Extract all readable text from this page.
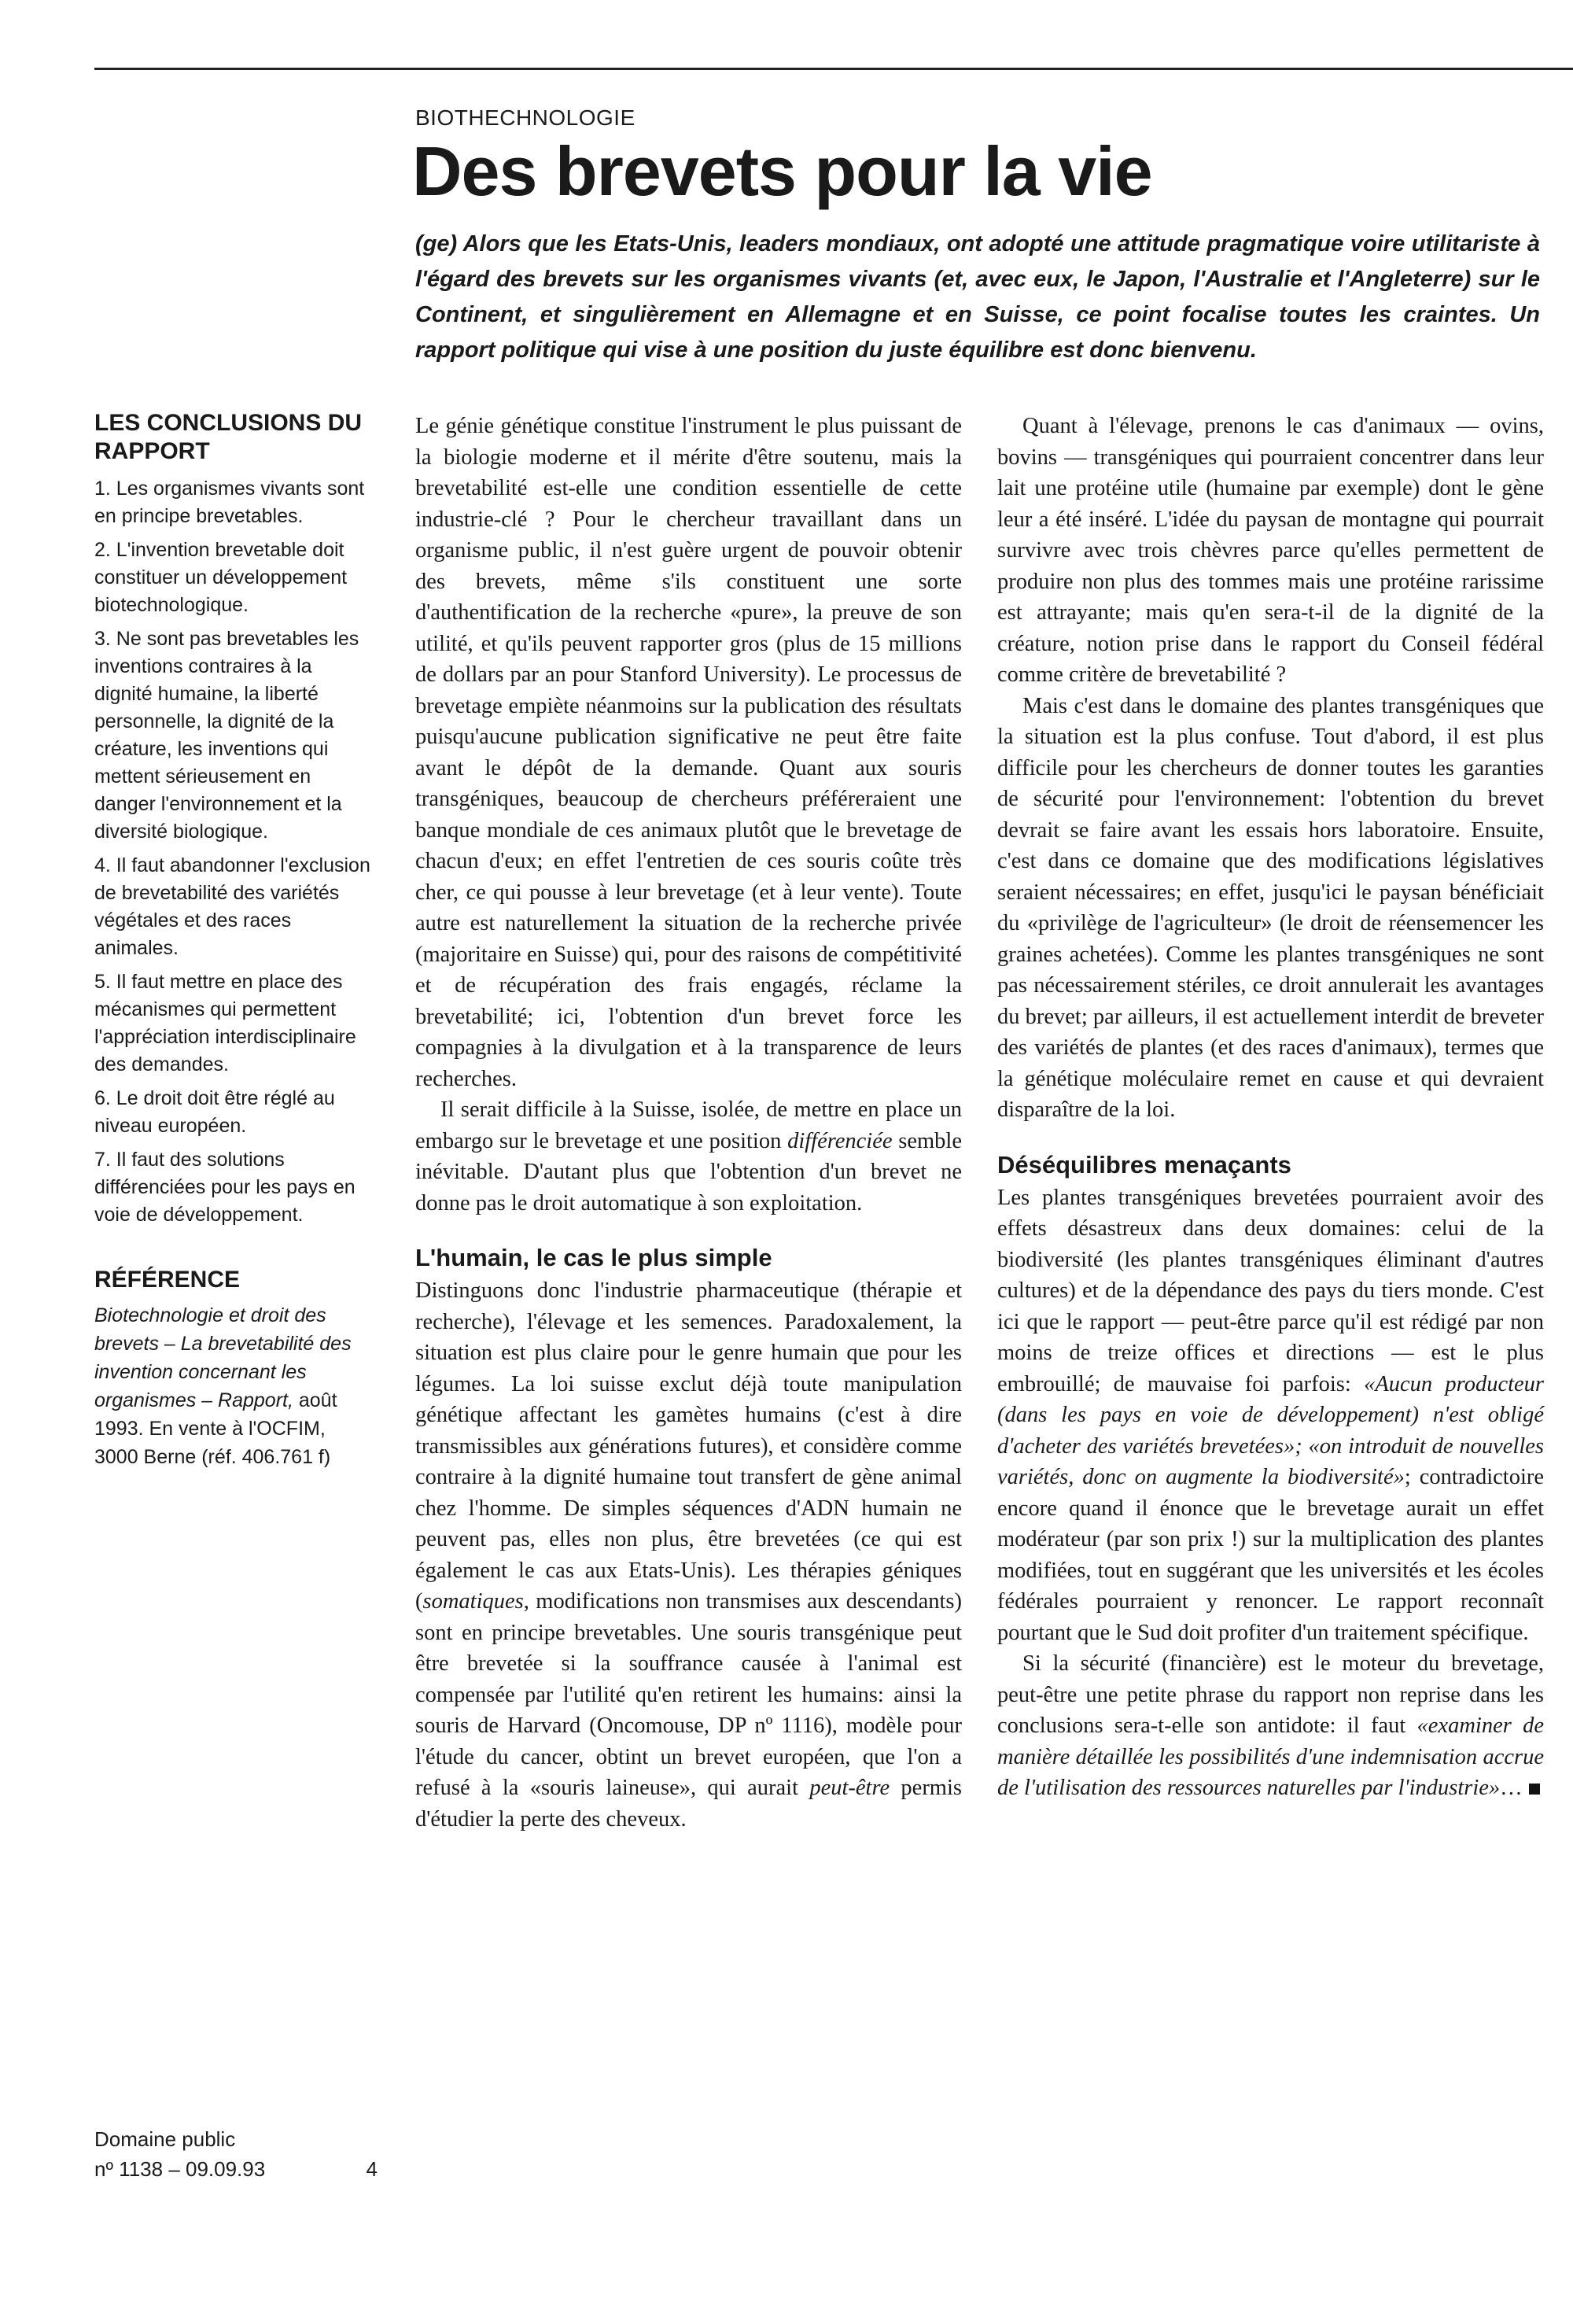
BIOTHECHNOLOGIE
Des brevets pour la vie

(ge) Alors que les Etats-Unis, leaders mondiaux, ont adopté une attitude pragmatique voire utilitariste à l'égard des brevets sur les organismes vivants (et, avec eux, le Japon, l'Australie et l'Angleterre) sur le Continent, et singulièrement en Allemagne et en Suisse, ce point focalise toutes les craintes. Un rapport politique qui vise à une position du juste équilibre est donc bienvenu.

LES CONCLUSIONS DU RAPPORT
1. Les organismes vivants sont en principe brevetables.
2. L'invention brevetable doit constituer un développement biotechnologique.
3. Ne sont pas brevetables les inventions contraires à la dignité humaine, la liberté personnelle, la dignité de la créature, les inventions qui mettent sérieusement en danger l'environnement et la diversité biologique.
4. Il faut abandonner l'exclusion de brevetabilité des variétés végétales et des races animales.
5. Il faut mettre en place des mécanismes qui permettent l'appréciation interdisciplinaire des demandes.
6. Le droit doit être réglé au niveau européen.
7. Il faut des solutions différenciées pour les pays en voie de développement.
RÉFÉRENCE

Biotechnologie et droit des brevets – La brevetabilité des invention concernant les organismes – Rapport, août 1993. En vente à l'OCFIM, 3000 Berne (réf. 406.761 f)

Domaine public
nº 1138 – 09.09.93	4

Le génie génétique constitue l'instrument le plus puissant de la biologie moderne et il mérite d'être soutenu, mais la brevetabilité est-elle une condition essentielle de cette industrie-clé ? Pour le chercheur travaillant dans un organisme public, il n'est guère urgent de pouvoir obtenir des brevets, même s'ils constituent une sorte d'authentification de la recherche «pure», la preuve de son utilité, et qu'ils peuvent rapporter gros (plus de 15 millions de dollars par an pour Stanford University). Le processus de brevetage empiète néanmoins sur la publication des résultats puisqu'aucune publication significative ne peut être faite avant le dépôt de la demande. Quant aux souris transgéniques, beaucoup de chercheurs préféreraient une banque mondiale de ces animaux plutôt que le brevetage de chacun d'eux; en effet l'entretien de ces souris coûte très cher, ce qui pousse à leur brevetage (et à leur vente). Toute autre est naturellement la situation de la recherche privée (majoritaire en Suisse) qui, pour des raisons de compétitivité et de récupération des frais engagés, réclame la brevetabilité; ici, l'obtention d'un brevet force les compagnies à la divulgation et à la transparence de leurs recherches.

Il serait difficile à la Suisse, isolée, de mettre en place un embargo sur le brevetage et une position différenciée semble inévitable. D'autant plus que l'obtention d'un brevet ne donne pas le droit automatique à son exploitation.

L'humain, le cas le plus simple

Distinguons donc l'industrie pharmaceutique (thérapie et recherche), l'élevage et les semences. Paradoxalement, la situation est plus claire pour le genre humain que pour les légumes. La loi suisse exclut déjà toute manipulation génétique affectant les gamètes humains (c'est à dire transmissibles aux générations futures), et considère comme contraire à la dignité humaine tout transfert de gène animal chez l'homme. De simples séquences d'ADN humain ne peuvent pas, elles non plus, être brevetées (ce qui est également le cas aux Etats-Unis). Les thérapies géniques (somatiques, modifications non transmises aux descendants) sont en principe brevetables. Une souris transgénique peut être brevetée si la souffrance causée à l'animal est compensée par l'utilité qu'en retirent les humains: ainsi la souris de Harvard (Oncomouse, DP nº 1116), modèle pour l'étude du cancer, obtint un brevet européen, que l'on a refusé à la «souris laineuse», qui aurait peut-être permis d'étudier la perte des cheveux.

Quant à l'élevage, prenons le cas d'animaux — ovins, bovins — transgéniques qui pourraient concentrer dans leur lait une protéine utile (humaine par exemple) dont le gène leur a été inséré. L'idée du paysan de montagne qui pourrait survivre avec trois chèvres parce qu'elles permettent de produire non plus des tommes mais une protéine rarissime est attrayante; mais qu'en sera-t-il de la dignité de la créature, notion prise dans le rapport du Conseil fédéral comme critère de brevetabilité ?

Mais c'est dans le domaine des plantes transgéniques que la situation est la plus confuse. Tout d'abord, il est plus difficile pour les chercheurs de donner toutes les garanties de sécurité pour l'environnement: l'obtention du brevet devrait se faire avant les essais hors laboratoire. Ensuite, c'est dans ce domaine que des modifications législatives seraient nécessaires; en effet, jusqu'ici le paysan bénéficiait du «privilège de l'agriculteur» (le droit de réensemencer les graines achetées). Comme les plantes transgéniques ne sont pas nécessairement stériles, ce droit annulerait les avantages du brevet; par ailleurs, il est actuellement interdit de breveter des variétés de plantes (et des races d'animaux), termes que la génétique moléculaire remet en cause et qui devraient disparaître de la loi.

Déséquilibres menaçants

Les plantes transgéniques brevetées pourraient avoir des effets désastreux dans deux domaines: celui de la biodiversité (les plantes transgéniques éliminant d'autres cultures) et de la dépendance des pays du tiers monde. C'est ici que le rapport — peut-être parce qu'il est rédigé par non moins de treize offices et directions — est le plus embrouillé; de mauvaise foi parfois: «Aucun producteur (dans les pays en voie de développement) n'est obligé d'acheter des variétés brevetées»; «on introduit de nouvelles variétés, donc on augmente la biodiversité»; contradictoire encore quand il énonce que le brevetage aurait un effet modérateur (par son prix !) sur la multiplication des plantes modifiées, tout en suggérant que les universités et les écoles fédérales pourraient y renoncer. Le rapport reconnaît pourtant que le Sud doit profiter d'un traitement spécifique.

Si la sécurité (financière) est le moteur du brevetage, peut-être une petite phrase du rapport non reprise dans les conclusions sera-t-elle son antidote: il faut «examiner de manière détaillée les possibilités d'une indemnisation accrue de l'utilisation des ressources naturelles par l'industrie»…
